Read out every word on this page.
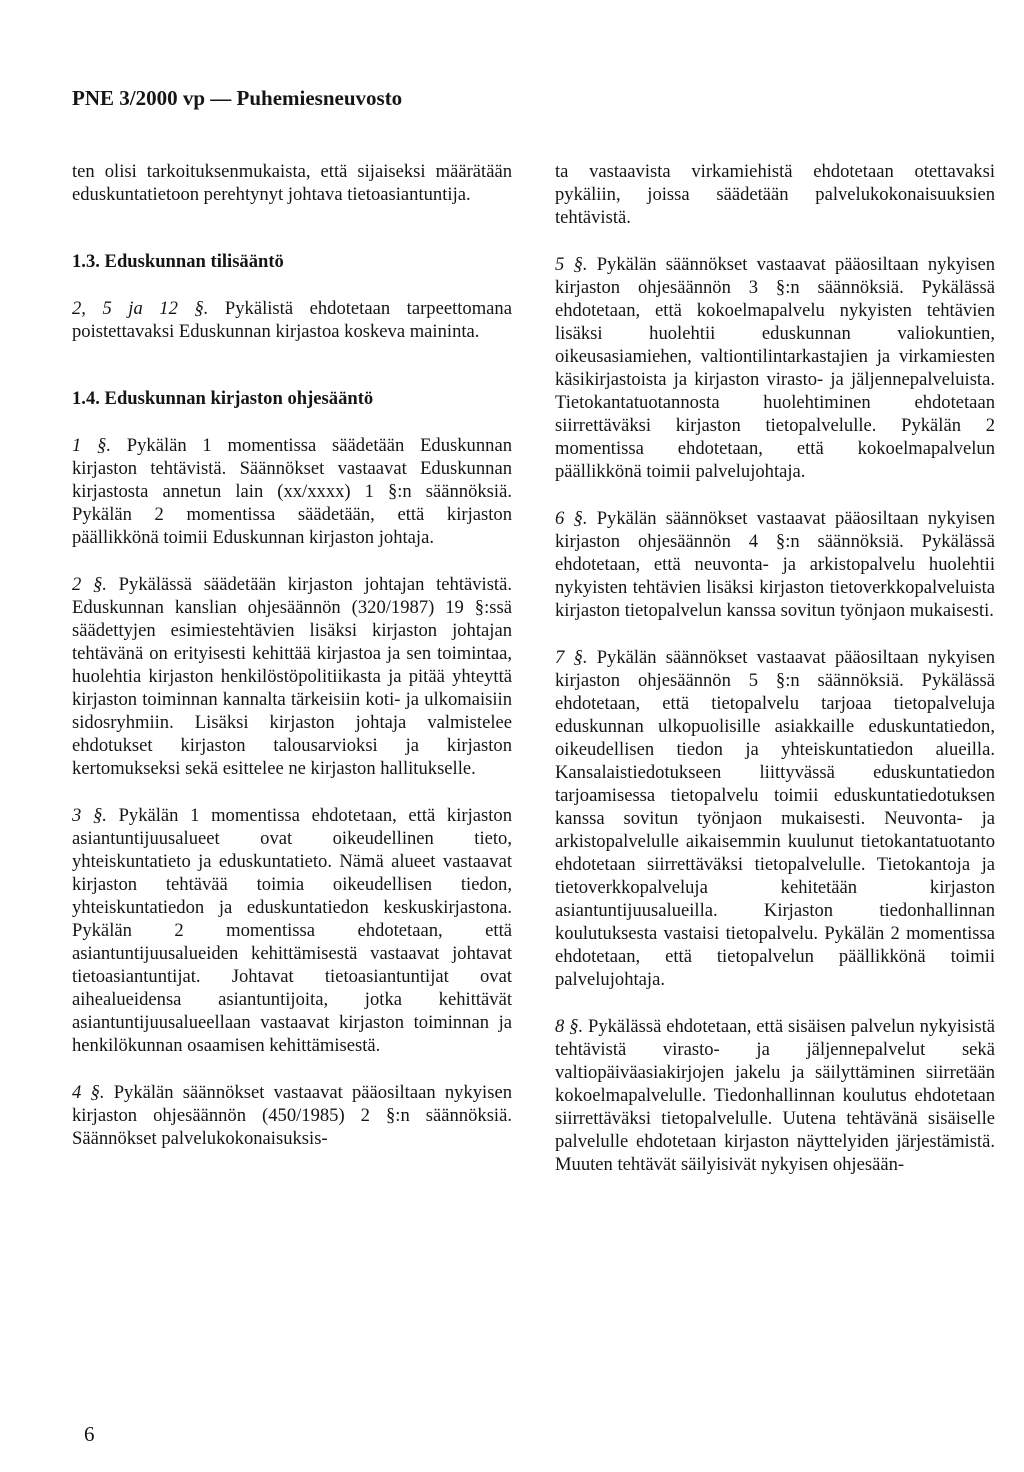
PNE 3/2000 vp — Puhemiesneuvosto

ten olisi tarkoituksenmukaista, että sijaiseksi määrätään eduskuntatietoon perehtynyt johtava tietoasiantuntija.

1.3. Eduskunnan tilisääntö

2, 5 ja 12 §. Pykälistä ehdotetaan tarpeettomana poistettavaksi Eduskunnan kirjastoa koskeva maininta.

1.4. Eduskunnan kirjaston ohjesääntö

1 §. Pykälän 1 momentissa säädetään Eduskunnan kirjaston tehtävistä. Säännökset vastaavat Eduskunnan kirjastosta annetun lain (xx/xxxx) 1 §:n säännöksiä. Pykälän 2 momentissa säädetään, että kirjaston päällikkönä toimii Eduskunnan kirjaston johtaja.

2 §. Pykälässä säädetään kirjaston johtajan tehtävistä. Eduskunnan kanslian ohjesäännön (320/1987) 19 §:ssä säädettyjen esimiestehtävien lisäksi kirjaston johtajan tehtävänä on erityisesti kehittää kirjastoa ja sen toimintaa, huolehtia kirjaston henkilöstöpolitiikasta ja pitää yhteyttä kirjaston toiminnan kannalta tärkeisiin koti- ja ulkomaisiin sidosryhmiin. Lisäksi kirjaston johtaja valmistelee ehdotukset kirjaston talousarvioksi ja kirjaston kertomukseksi sekä esittelee ne kirjaston hallitukselle.

3 §. Pykälän 1 momentissa ehdotetaan, että kirjaston asiantuntijuusalueet ovat oikeudellinen tieto, yhteiskuntatieto ja eduskuntatieto. Nämä alueet vastaavat kirjaston tehtävää toimia oikeudellisen tiedon, yhteiskuntatiedon ja eduskuntatiedon keskuskirjastona. Pykälän 2 momentissa ehdotetaan, että asiantuntijuusalueiden kehittämisestä vastaavat johtavat tietoasiantuntijat. Johtavat tietoasiantuntijat ovat aihealueidensa asiantuntijoita, jotka kehittävät asiantuntijuusalueellaan vastaavat kirjaston toiminnan ja henkilökunnan osaamisen kehittämisestä.

4 §. Pykälän säännökset vastaavat pääosiltaan nykyisen kirjaston ohjesäännön (450/1985) 2 §:n säännöksiä. Säännökset palvelukokonaisuksis-

ta vastaavista virkamiehistä ehdotetaan otettavaksi pykäliin, joissa säädetään palvelukokonaisuuksien tehtävistä.

5 §. Pykälän säännökset vastaavat pääosiltaan nykyisen kirjaston ohjesäännön 3 §:n säännöksiä. Pykälässä ehdotetaan, että kokoelmapalvelu nykyisten tehtävien lisäksi huolehtii eduskunnan valiokuntien, oikeusasiamiehen, valtiontilintarkastajien ja virkamiesten käsikirjastoista ja kirjaston virasto- ja jäljennepalveluista. Tietokantatuotannosta huolehtiminen ehdotetaan siirrettäväksi kirjaston tietopalvelulle. Pykälän 2 momentissa ehdotetaan, että kokoelmapalvelun päällikkönä toimii palvelujohtaja.

6 §. Pykälän säännökset vastaavat pääosiltaan nykyisen kirjaston ohjesäännön 4 §:n säännöksiä. Pykälässä ehdotetaan, että neuvonta- ja arkistopalvelu huolehtii nykyisten tehtävien lisäksi kirjaston tietoverkkopalveluista kirjaston tietopalvelun kanssa sovitun työnjaon mukaisesti.

7 §. Pykälän säännökset vastaavat pääosiltaan nykyisen kirjaston ohjesäännön 5 §:n säännöksiä. Pykälässä ehdotetaan, että tietopalvelu tarjoaa tietopalveluja eduskunnan ulkopuolisille asiakkaille eduskuntatiedon, oikeudellisen tiedon ja yhteiskuntatiedon alueilla. Kansalaistiedotukseen liittyvässä eduskuntatiedon tarjoamisessa tietopalvelu toimii eduskuntatiedotuksen kanssa sovitun työnjaon mukaisesti. Neuvonta- ja arkistopalvelulle aikaisemmin kuulunut tietokantatuotanto ehdotetaan siirrettäväksi tietopalvelulle. Tietokantoja ja tietoverkkopalveluja kehitetään kirjaston asiantuntijuusalueilla. Kirjaston tiedonhallinnan koulutuksesta vastaisi tietopalvelu. Pykälän 2 momentissa ehdotetaan, että tietopalvelun päällikkönä toimii palvelujohtaja.

8 §. Pykälässä ehdotetaan, että sisäisen palvelun nykyisistä tehtävistä virasto- ja jäljennepalvelut sekä valtiopäiväasiakirjojen jakelu ja säilyttäminen siirretään kokoelmapalvelulle. Tiedonhallinnan koulutus ehdotetaan siirrettäväksi tietopalvelulle. Uutena tehtävänä sisäiselle palvelulle ehdotetaan kirjaston näyttelyiden järjestämistä. Muuten tehtävät säilyisivät nykyisen ohjesään-

6
